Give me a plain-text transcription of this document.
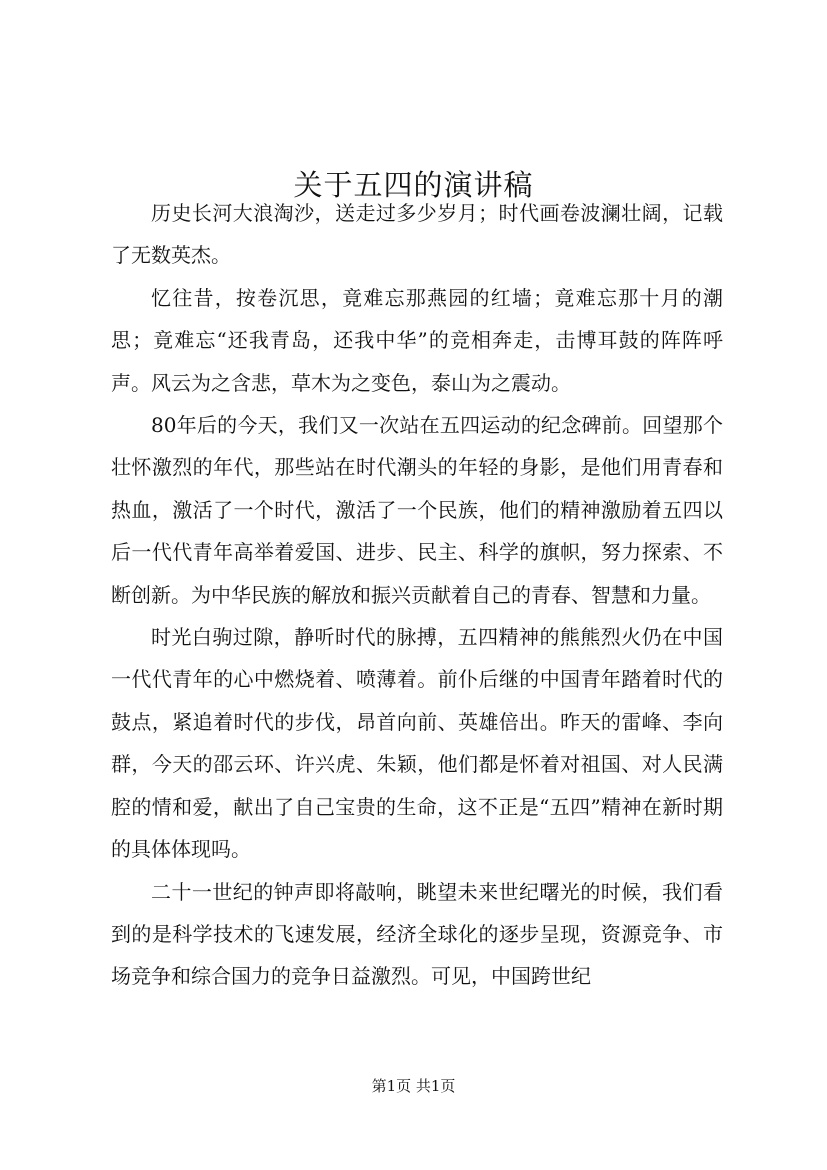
关于五四的演讲稿

历史长河大浪淘沙，送走过多少岁月；时代画卷波澜壮阔，记载了无数英杰。

忆往昔，按卷沉思，竟难忘那燕园的红墙；竟难忘那十月的潮思；竟难忘“还我青岛，还我中华”的竞相奔走，击博耳鼓的阵阵呼声。风云为之含悲，草木为之变色，泰山为之震动。

80年后的今天，我们又一次站在五四运动的纪念碑前。回望那个壮怀激烈的年代，那些站在时代潮头的年轻的身影，是他们用青春和热血，激活了一个时代，激活了一个民族，他们的精神激励着五四以后一代代青年高举着爱国、进步、民主、科学的旗帜，努力探索、不断创新。为中华民族的解放和振兴贡献着自己的青春、智慧和力量。

时光白驹过隙，静听时代的脉搏，五四精神的熊熊烈火仍在中国一代代青年的心中燃烧着、喷薄着。前仆后继的中国青年踏着时代的鼓点，紧追着时代的步伐，昂首向前、英雄倍出。昨天的雷峰、李向群，今天的邵云环、许兴虎、朱颖，他们都是怀着对祖国、对人民满腔的情和爱，献出了自己宝贵的生命，这不正是“五四”精神在新时期的具体体现吗。

二十一世纪的钟声即将敲响，眺望未来世纪曙光的时候，我们看到的是科学技术的飞速发展，经济全球化的逐步呈现，资源竞争、市场竞争和综合国力的竞争日益激烈。可见，中国跨世纪

第1页 共1页
